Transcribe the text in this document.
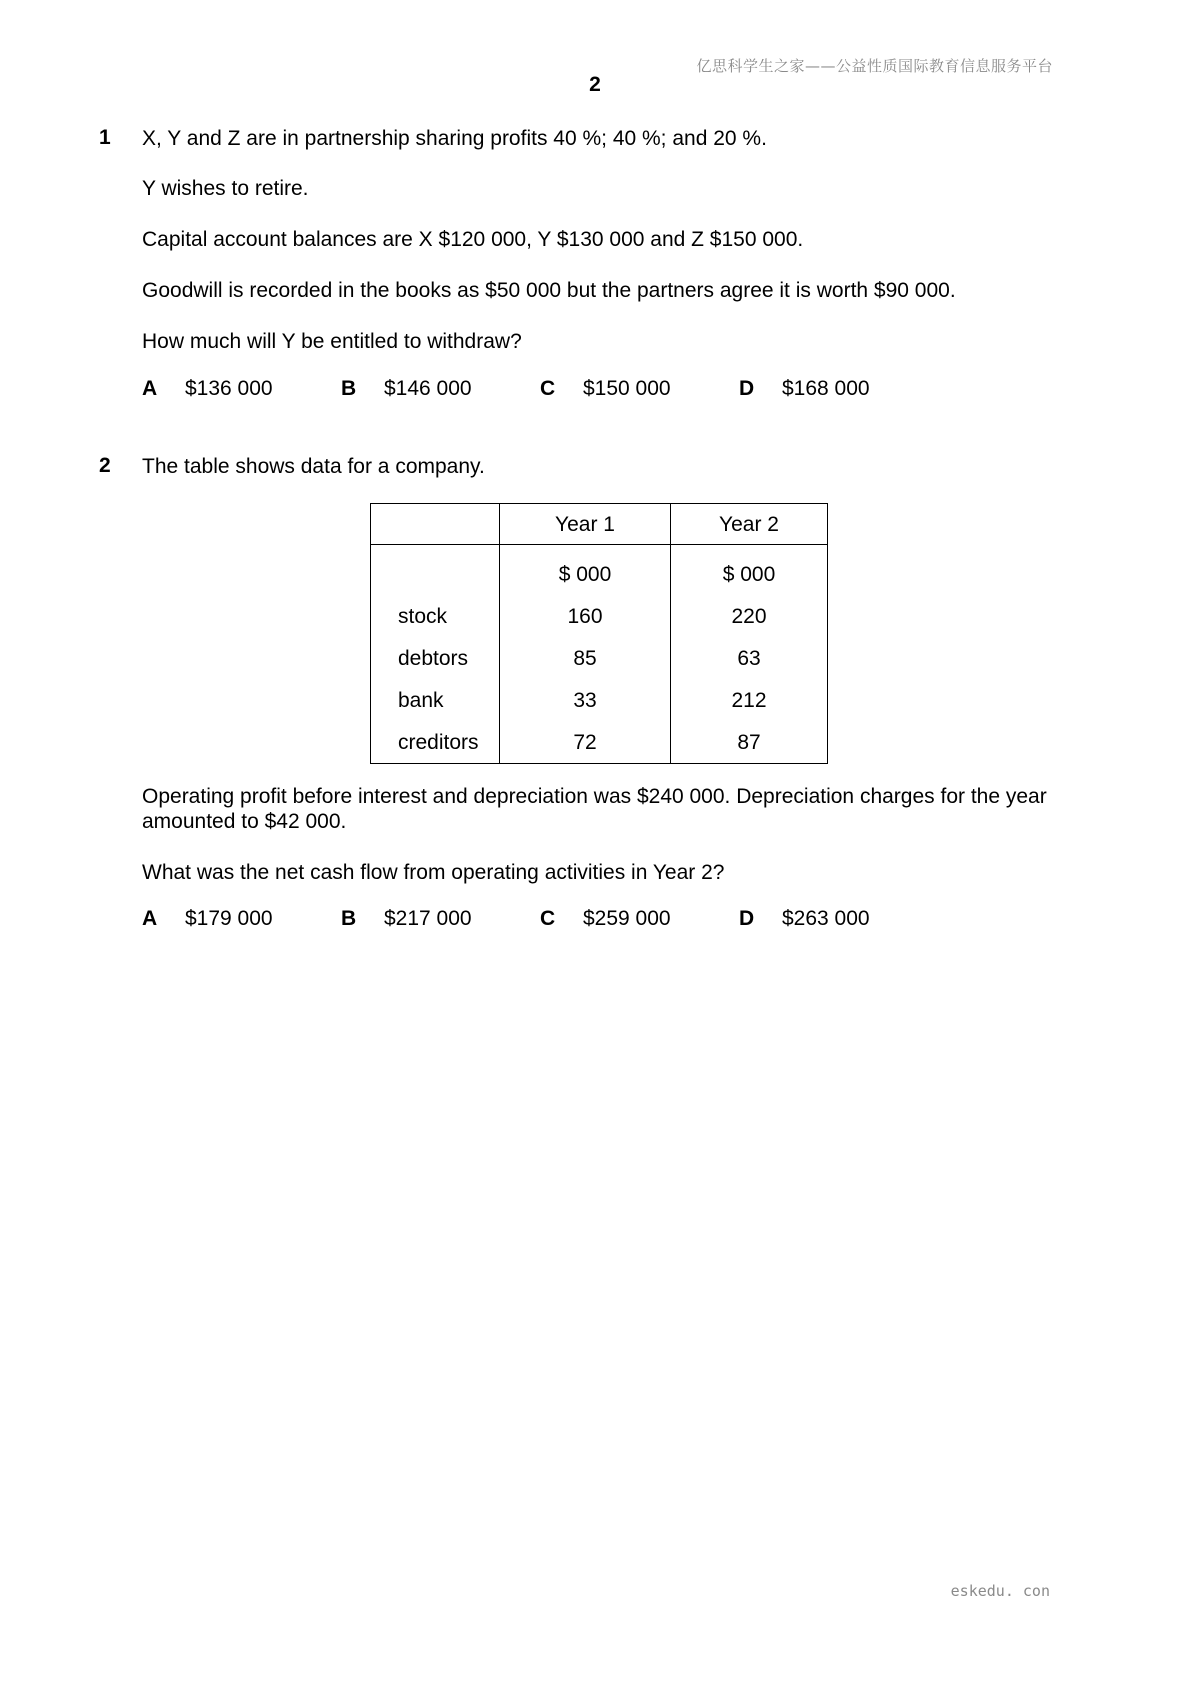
亿思科学生之家——公益性质国际教育信息服务平台
2
1 X, Y and Z are in partnership sharing profits 40 %; 40 %; and 20 %.
Y wishes to retire.
Capital account balances are X $120 000, Y $130 000 and Z $150 000.
Goodwill is recorded in the books as $50 000 but the partners agree it is worth $90 000.
How much will Y be entitled to withdraw?
A $136 000	B $146 000	C $150 000	D $168 000
2 The table shows data for a company.
	Year 1	Year 2
	$ 000	$ 000
stock	160	220
debtors	85	63
bank	33	212
creditors	72	87
Operating profit before interest and depreciation was $240 000. Depreciation charges for the year amounted to $42 000.
What was the net cash flow from operating activities in Year 2?
A $179 000	B $217 000	C $259 000	D $263 000
eskedu. con
